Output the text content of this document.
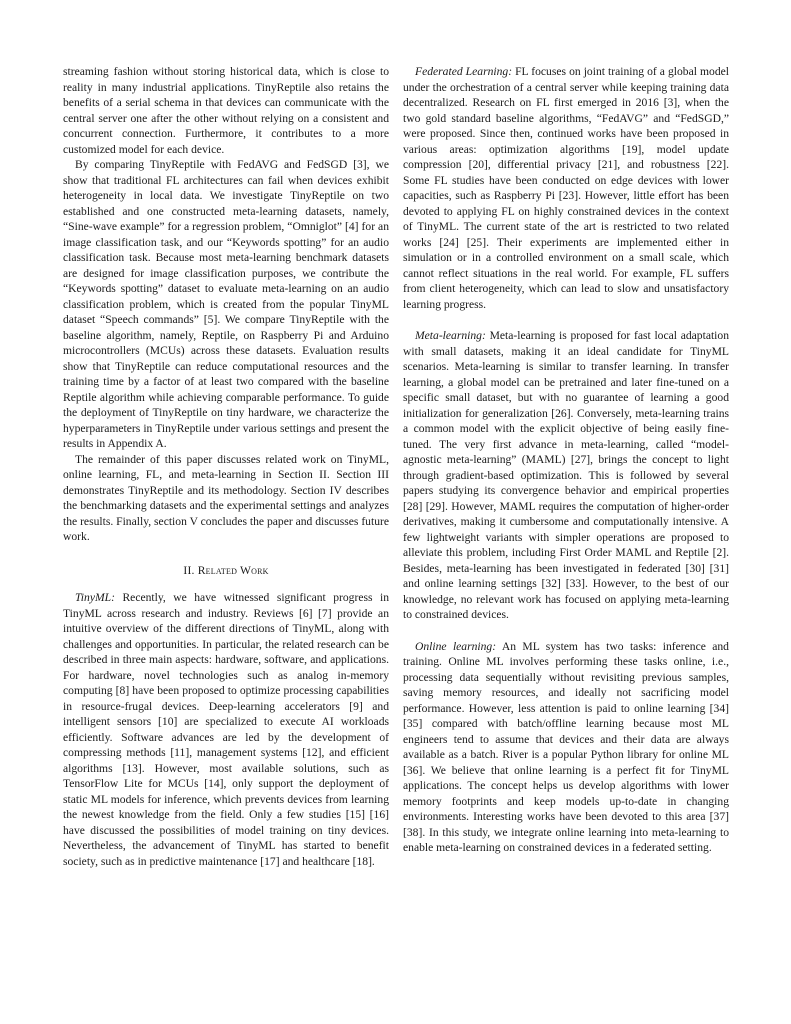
streaming fashion without storing historical data, which is close to reality in many industrial applications. TinyReptile also retains the benefits of a serial schema in that devices can communicate with the central server one after the other without relying on a consistent and concurrent connection. Furthermore, it contributes to a more customized model for each device.

By comparing TinyReptile with FedAVG and FedSGD [3], we show that traditional FL architectures can fail when devices exhibit heterogeneity in local data. We investigate TinyReptile on two established and one constructed meta-learning datasets, namely, “Sine-wave example” for a regression problem, “Omniglot” [4] for an image classification task, and our “Keywords spotting” for an audio classification task. Because most meta-learning benchmark datasets are designed for image classification purposes, we contribute the “Keywords spotting” dataset to evaluate meta-learning on an audio classification problem, which is created from the popular TinyML dataset “Speech commands” [5]. We compare TinyReptile with the baseline algorithm, namely, Reptile, on Raspberry Pi and Arduino microcontrollers (MCUs) across these datasets. Evaluation results show that TinyReptile can reduce computational resources and the training time by a factor of at least two compared with the baseline Reptile algorithm while achieving comparable performance. To guide the deployment of TinyReptile on tiny hardware, we characterize the hyperparameters in TinyReptile under various settings and present the results in Appendix A.

The remainder of this paper discusses related work on TinyML, online learning, FL, and meta-learning in Section II. Section III demonstrates TinyReptile and its methodology. Section IV describes the benchmarking datasets and the experimental settings and analyzes the results. Finally, section V concludes the paper and discusses future work.

II. Related Work

TinyML: Recently, we have witnessed significant progress in TinyML across research and industry. Reviews [6] [7] provide an intuitive overview of the different directions of TinyML, along with challenges and opportunities. In particular, the related research can be described in three main aspects: hardware, software, and applications. For hardware, novel technologies such as analog in-memory computing [8] have been proposed to optimize processing capabilities in resource-frugal devices. Deep-learning accelerators [9] and intelligent sensors [10] are specialized to execute AI workloads efficiently. Software advances are led by the development of compressing methods [11], management systems [12], and efficient algorithms [13]. However, most available solutions, such as TensorFlow Lite for MCUs [14], only support the deployment of static ML models for inference, which prevents devices from learning the newest knowledge from the field. Only a few studies [15] [16] have discussed the possibilities of model training on tiny devices. Nevertheless, the advancement of TinyML has started to benefit society, such as in predictive maintenance [17] and healthcare [18].

Federated Learning: FL focuses on joint training of a global model under the orchestration of a central server while keeping training data decentralized. Research on FL first emerged in 2016 [3], when the two gold standard baseline algorithms, “FedAVG” and “FedSGD,” were proposed. Since then, continued works have been proposed in various areas: optimization algorithms [19], model update compression [20], differential privacy [21], and robustness [22]. Some FL studies have been conducted on edge devices with lower capacities, such as Raspberry Pi [23]. However, little effort has been devoted to applying FL on highly constrained devices in the context of TinyML. The current state of the art is restricted to two related works [24] [25]. Their experiments are implemented either in simulation or in a controlled environment on a small scale, which cannot reflect situations in the real world. For example, FL suffers from client heterogeneity, which can lead to slow and unsatisfactory learning progress.

Meta-learning: Meta-learning is proposed for fast local adaptation with small datasets, making it an ideal candidate for TinyML scenarios. Meta-learning is similar to transfer learning. In transfer learning, a global model can be pretrained and later fine-tuned on a specific small dataset, but with no guarantee of learning a good initialization for generalization [26]. Conversely, meta-learning trains a common model with the explicit objective of being easily fine-tuned. The very first advance in meta-learning, called “model-agnostic meta-learning” (MAML) [27], brings the concept to light through gradient-based optimization. This is followed by several papers studying its convergence behavior and empirical properties [28] [29]. However, MAML requires the computation of higher-order derivatives, making it cumbersome and computationally intensive. A few lightweight variants with simpler operations are proposed to alleviate this problem, including First Order MAML and Reptile [2]. Besides, meta-learning has been investigated in federated [30] [31] and online learning settings [32] [33]. However, to the best of our knowledge, no relevant work has focused on applying meta-learning to constrained devices.

Online learning: An ML system has two tasks: inference and training. Online ML involves performing these tasks online, i.e., processing data sequentially without revisiting previous samples, saving memory resources, and ideally not sacrificing model performance. However, less attention is paid to online learning [34] [35] compared with batch/offline learning because most ML engineers tend to assume that devices and their data are always available as a batch. River is a popular Python library for online ML [36]. We believe that online learning is a perfect fit for TinyML applications. The concept helps us develop algorithms with lower memory footprints and keep models up-to-date in changing environments. Interesting works have been devoted to this area [37] [38]. In this study, we integrate online learning into meta-learning to enable meta-learning on constrained devices in a federated setting.
